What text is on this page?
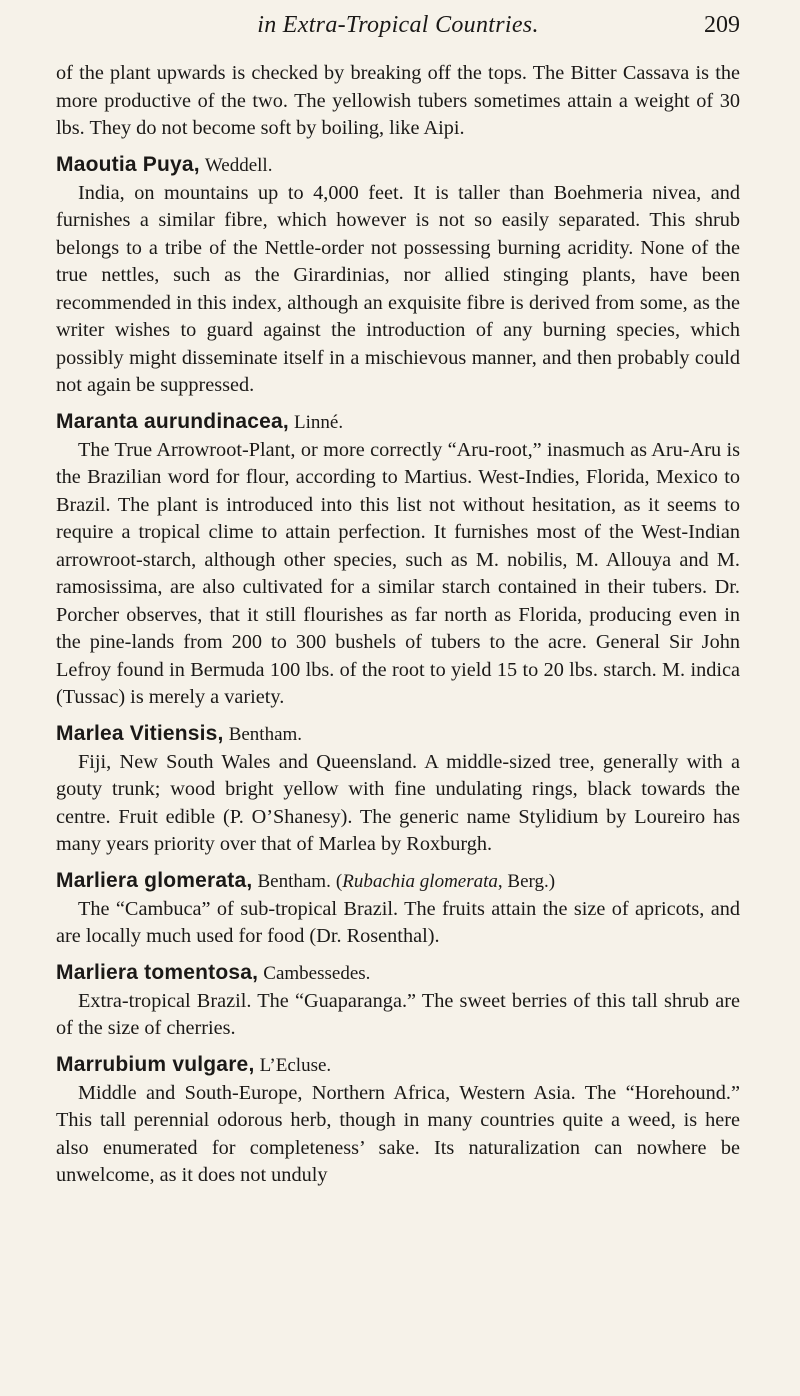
in Extra-Tropical Countries.	209

of the plant upwards is checked by breaking off the tops. The Bitter Cassava is the more productive of the two. The yellowish tubers sometimes attain a weight of 30 lbs. They do not become soft by boiling, like Aipi.

Maoutia Puya, Weddell.

India, on mountains up to 4,000 feet. It is taller than Boehmeria nivea, and furnishes a similar fibre, which however is not so easily separated. This shrub belongs to a tribe of the Nettle-order not possessing burning acridity. None of the true nettles, such as the Girardinias, nor allied stinging plants, have been recommended in this index, although an exquisite fibre is derived from some, as the writer wishes to guard against the introduction of any burning species, which possibly might disseminate itself in a mischievous manner, and then probably could not again be suppressed.

Maranta aurundinacea, Linné.

The True Arrowroot-Plant, or more correctly “Aru-root,” inasmuch as Aru-Aru is the Brazilian word for flour, according to Martius. West-Indies, Florida, Mexico to Brazil. The plant is introduced into this list not without hesitation, as it seems to require a tropical clime to attain perfection. It furnishes most of the West-Indian arrowroot-starch, although other species, such as M. nobilis, M. Allouya and M. ramosissima, are also cultivated for a similar starch contained in their tubers. Dr. Porcher observes, that it still flourishes as far north as Florida, producing even in the pine-lands from 200 to 300 bushels of tubers to the acre. General Sir John Lefroy found in Bermuda 100 lbs. of the root to yield 15 to 20 lbs. starch. M. indica (Tussac) is merely a variety.

Marlea Vitiensis, Bentham.

Fiji, New South Wales and Queensland. A middle-sized tree, generally with a gouty trunk; wood bright yellow with fine undulating rings, black towards the centre. Fruit edible (P. O’Shanesy). The generic name Stylidium by Loureiro has many years priority over that of Marlea by Roxburgh.

Marliera glomerata, Bentham. (Rubachia glomerata, Berg.)

The “Cambuca” of sub-tropical Brazil. The fruits attain the size of apricots, and are locally much used for food (Dr. Rosenthal).

Marliera tomentosa, Cambessedes.

Extra-tropical Brazil. The “Guaparanga.” The sweet berries of this tall shrub are of the size of cherries.

Marrubium vulgare, L’Ecluse.

Middle and South-Europe, Northern Africa, Western Asia. The “Horehound.” This tall perennial odorous herb, though in many countries quite a weed, is here also enumerated for completeness’ sake. Its naturalization can nowhere be unwelcome, as it does not unduly
